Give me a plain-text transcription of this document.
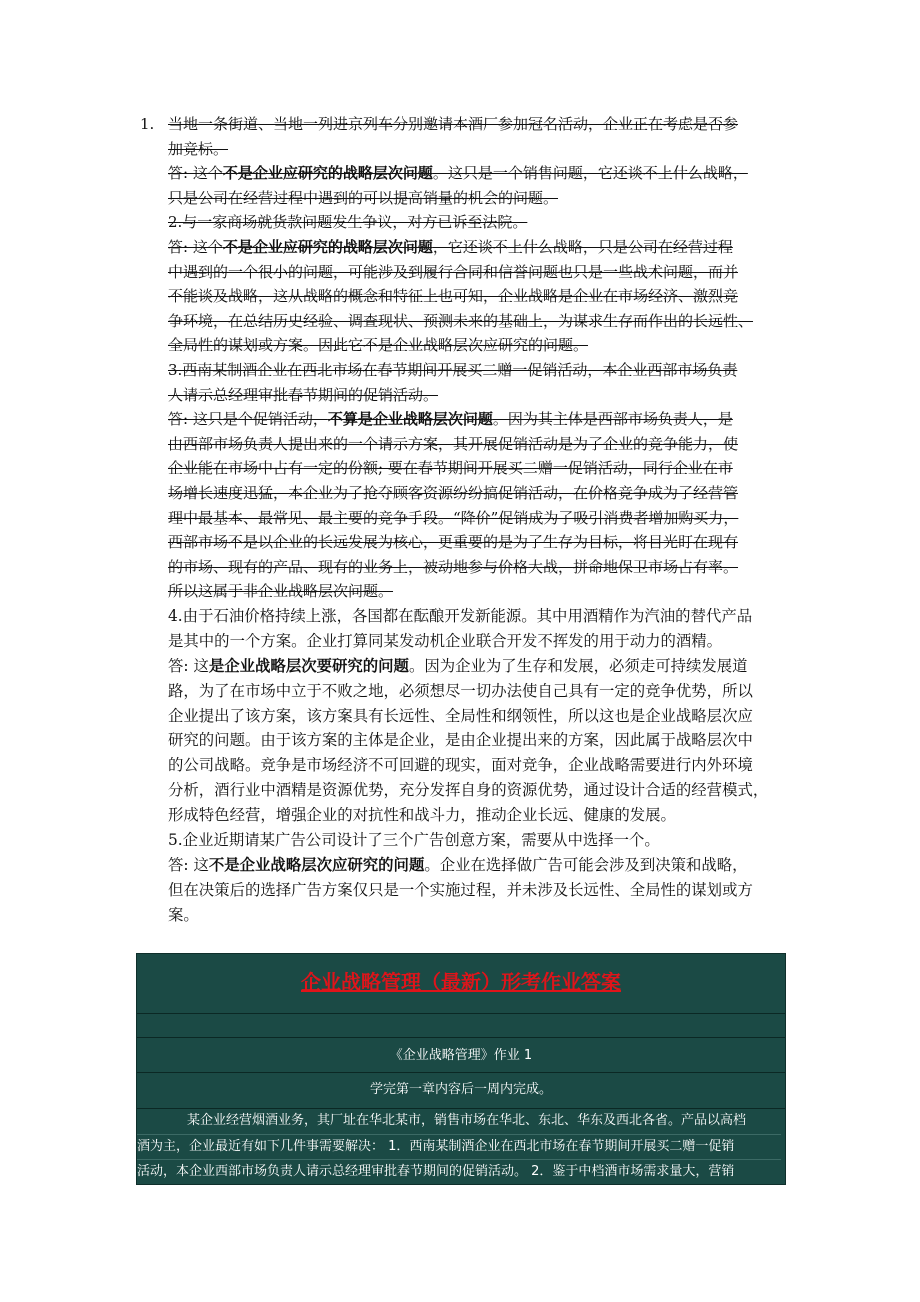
1. 当地一条街道、当地一列进京列车分别邀请本酒厂参加冠名活动，企业正在考虑是否参

加竞标。

答: 这个不是企业应研究的战略层次问题。这只是一个销售问题，它还谈不上什么战略，

只是公司在经营过程中遇到的可以提高销量的机会的问题。

2.与一家商场就货款问题发生争议，对方已诉至法院。

答: 这个不是企业应研究的战略层次问题，它还谈不上什么战略，只是公司在经营过程

中遇到的一个很小的问题，可能涉及到履行合同和信誉问题也只是一些战术问题，而并

不能谈及战略，这从战略的概念和特征上也可知，企业战略是企业在市场经济、激烈竞

争环境，在总结历史经验、调查现状、预测未来的基础上，为谋求生存而作出的长远性、

全局性的谋划或方案。因此它不是企业战略层次应研究的问题。

3.西南某制酒企业在西北市场在春节期间开展买二赠一促销活动，本企业西部市场负责

人请示总经理审批春节期间的促销活动。

答: 这只是个促销活动，不算是企业战略层次问题。因为其主体是西部市场负责人，是

由西部市场负责人提出来的一个请示方案，其开展促销活动是为了企业的竞争能力，使

企业能在市场中占有一定的份额; 要在春节期间开展买二赠一促销活动，同行企业在市

场增长速度迅猛，本企业为了抢夺顾客资源纷纷搞促销活动，在价格竞争成为了经营管

理中最基本、最常见、最主要的竞争手段。“降价”促销成为了吸引消费者增加购买力，

西部市场不是以企业的长远发展为核心，更重要的是为了生存为目标，将目光盯在现有

的市场、现有的产品、现有的业务上，被动地参与价格大战，拼命地保卫市场占有率。

所以这属于非企业战略层次问题。

4.由于石油价格持续上涨，各国都在酝酿开发新能源。其中用酒精作为汽油的替代产品

是其中的一个方案。企业打算同某发动机企业联合开发不挥发的用于动力的酒精。

答: 这是企业战略层次要研究的问题。因为企业为了生存和发展，必须走可持续发展道

路，为了在市场中立于不败之地，必须想尽一切办法使自己具有一定的竞争优势，所以

企业提出了该方案，该方案具有长远性、全局性和纲领性，所以这也是企业战略层次应

研究的问题。由于该方案的主体是企业，是由企业提出来的方案，因此属于战略层次中

的公司战略。竞争是市场经济不可回避的现实，面对竞争，企业战略需要进行内外环境

分析，酒行业中酒精是资源优势，充分发挥自身的资源优势，通过设计合适的经营模式，

形成特色经营，增强企业的对抗性和战斗力，推动企业长远、健康的发展。

5.企业近期请某广告公司设计了三个广告创意方案，需要从中选择一个。

答: 这不是企业战略层次应研究的问题。企业在选择做广告可能会涉及到决策和战略，

但在决策后的选择广告方案仅只是一个实施过程，并未涉及长远性、全局性的谋划或方

案。

企业战略管理（最新）形考作业答案
《企业战略管理》作业 1
学完第一章内容后一周内完成。
某企业经营烟酒业务，其厂址在华北某市，销售市场在华北、东北、华东及西北各省。产品以高档
酒为主，企业最近有如下几件事需要解决： 1．西南某制酒企业在西北市场在春节期间开展买二赠一促销
活动，本企业西部市场负责人请示总经理审批春节期间的促销活动。 2．鉴于中档酒市场需求量大，营销
